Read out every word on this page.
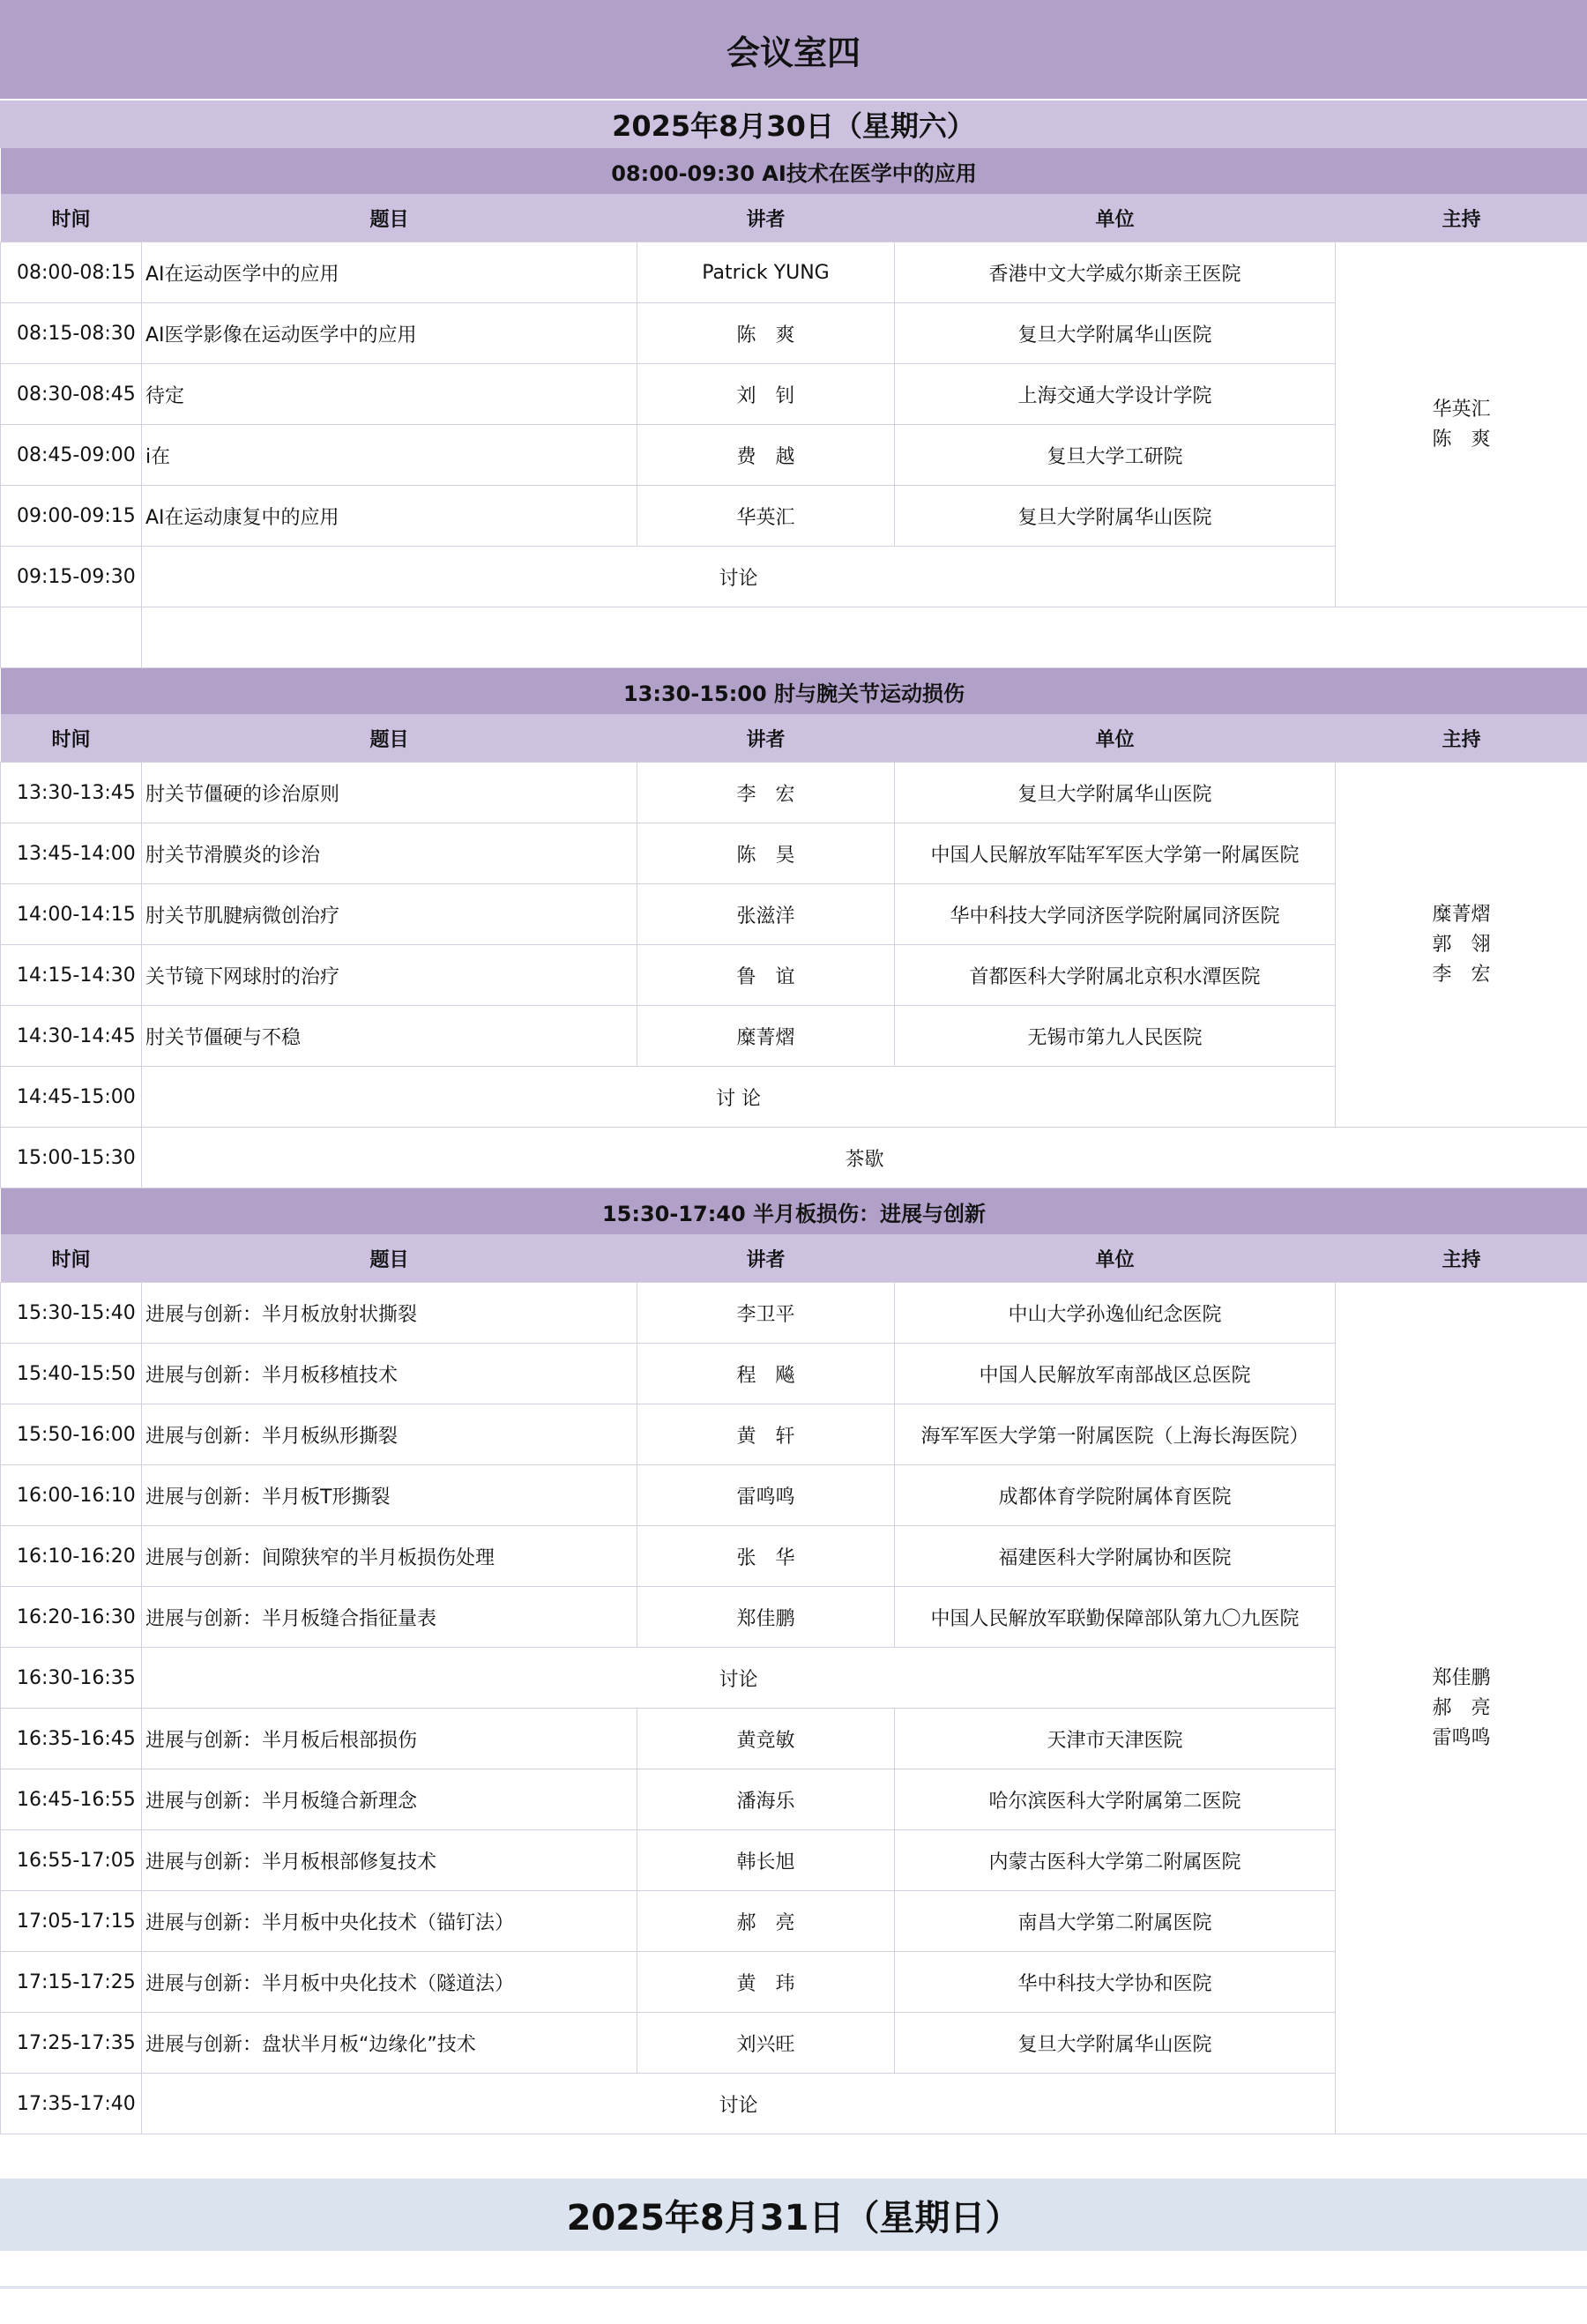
会议室四
2025年8月30日（星期六）
08:00-09:30 AI技术在医学中的应用				
时间	题目	讲者	单位	主持
08:00-08:15	AI在运动医学中的应用	Patrick YUNG	香港中文大学威尔斯亲王医院	华英汇
陈　爽

08:15-08:30	AI医学影像在运动医学中的应用	陈　爽	复旦大学附属华山医院	
08:30-08:45	待定	刘　钊	上海交通大学设计学院	
08:45-09:00	i在	费　越	复旦大学工研院	
09:00-09:15	AI在运动康复中的应用	华英汇	复旦大学附属华山医院	
09:15-09:30	讨论			

13:30-15:00 肘与腕关节运动损伤				
时间	题目	讲者	单位	主持
13:30-13:45	肘关节僵硬的诊治原则	李　宏	复旦大学附属华山医院	糜菁熠
郭　翎
李　宏

13:45-14:00	肘关节滑膜炎的诊治	陈　昊	中国人民解放军陆军军医大学第一附属医院	
14:00-14:15	肘关节肌腱病微创治疗	张滋洋	华中科技大学同济医学院附属同济医院	
14:15-14:30	关节镜下网球肘的治疗	鲁　谊	首都医科大学附属北京积水潭医院	
14:30-14:45	肘关节僵硬与不稳	糜菁熠	无锡市第九人民医院	
14:45-15:00	讨 论			
15:00-15:30	茶歇			
15:30-17:40 半月板损伤：进展与创新				
时间	题目	讲者	单位	主持
15:30-15:40	进展与创新：半月板放射状撕裂	李卫平	中山大学孙逸仙纪念医院	郑佳鹏
郝　亮
雷鸣鸣

15:40-15:50	进展与创新：半月板移植技术	程　飚	中国人民解放军南部战区总医院	
15:50-16:00	进展与创新：半月板纵形撕裂	黄　轩	海军军医大学第一附属医院（上海长海医院）	
16:00-16:10	进展与创新：半月板T形撕裂	雷鸣鸣	成都体育学院附属体育医院	
16:10-16:20	进展与创新：间隙狭窄的半月板损伤处理	张　华	福建医科大学附属协和医院	
16:20-16:30	进展与创新：半月板缝合指征量表	郑佳鹏	中国人民解放军联勤保障部队第九〇九医院	
16:30-16:35	讨论			
16:35-16:45	进展与创新：半月板后根部损伤	黄竞敏	天津市天津医院	
16:45-16:55	进展与创新：半月板缝合新理念	潘海乐	哈尔滨医科大学附属第二医院	
16:55-17:05	进展与创新：半月板根部修复技术	韩长旭	内蒙古医科大学第二附属医院	
17:05-17:15	进展与创新：半月板中央化技术（锚钉法）	郝　亮	南昌大学第二附属医院	
17:15-17:25	进展与创新：半月板中央化技术（隧道法）	黄　玮	华中科技大学协和医院	
17:25-17:35	进展与创新：盘状半月板“边缘化”技术	刘兴旺	复旦大学附属华山医院	
17:35-17:40	讨论			
2025年8月31日（星期日）
